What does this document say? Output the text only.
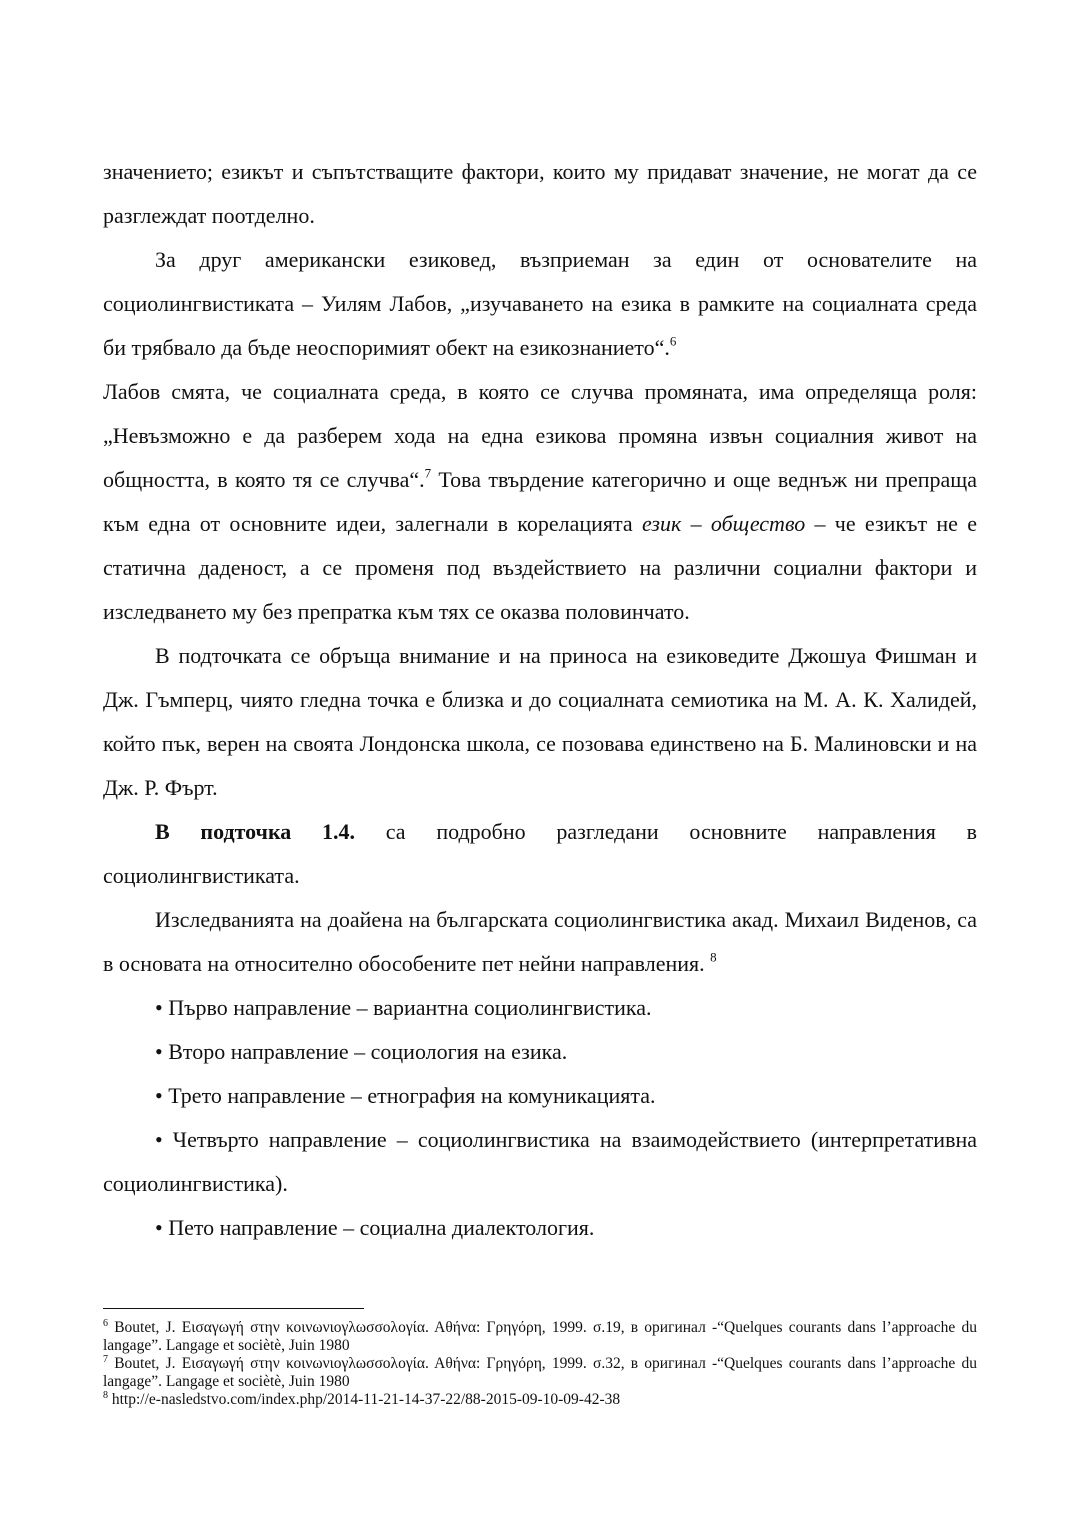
значението; езикът и съпътстващите фактори, които му придават значение, не могат да се разглеждат поотделно.

За друг американски езиковед, възприеман за един от основателите на социолингвистиката – Уилям Лабов, „изучаването на езика в рамките на социалната среда би трябвало да бъде неоспоримият обект на езикознанието“.$^6$

Лабов смята, че социалната среда, в която се случва промяната, има определяща роля: „Невъзможно е да разберем хода на една езикова промяна извън социалния живот на общността, в която тя се случва“.$^7$ Това твърдение категорично и още веднъж ни препраща към една от основните идеи, залегнали в корелацията език – общество – че езикът не е статична даденост, а се променя под въздействието на различни социални фактори и изследването му без препратка към тях се оказва половинчато.

В подточката се обръща внимание и на приноса на езиковедите Джошуа Фишман и Дж. Гъмперц, чиято гледна точка е близка и до социалната семиотика на М. А. К. Халидей, който пък, верен на своята Лондонска школа, се позовава единствено на Б. Малиновски и на Дж. Р. Фърт.

В подточка 1.4. са подробно разгледани основните направления в социолингвистиката.

Изследванията на доайена на българската социолингвистика акад. Михаил Виденов, са в основата на относително обособените пет нейни направления. $^8$

• Първо направление – вариантна социолингвистика.

• Второ направление – социология на езика.

• Трето направление – етнография на комуникацията.

• Четвърто направление – социолингвистика на взаимодействието (интерпретативна социолингвистика).

• Пето направление – социална диалектология.

$^6$ Boutet, J. Εισαγωγή στην κοινωνιογλωσσολογία. Αθήνα: Γρηγόρη, 1999. σ.19, в оригинал -“Quelques courants dans l’approache du langage”. Langage et sociètè, Juin 1980

$^7$ Boutet, J. Εισαγωγή στην κοινωνιογλωσσολογία. Αθήνα: Γρηγόρη, 1999. σ.32, в оригинал -“Quelques courants dans l’approache du langage”. Langage et sociètè, Juin 1980

$^8$ http://e-nasledstvo.com/index.php/2014-11-21-14-37-22/88-2015-09-10-09-42-38
